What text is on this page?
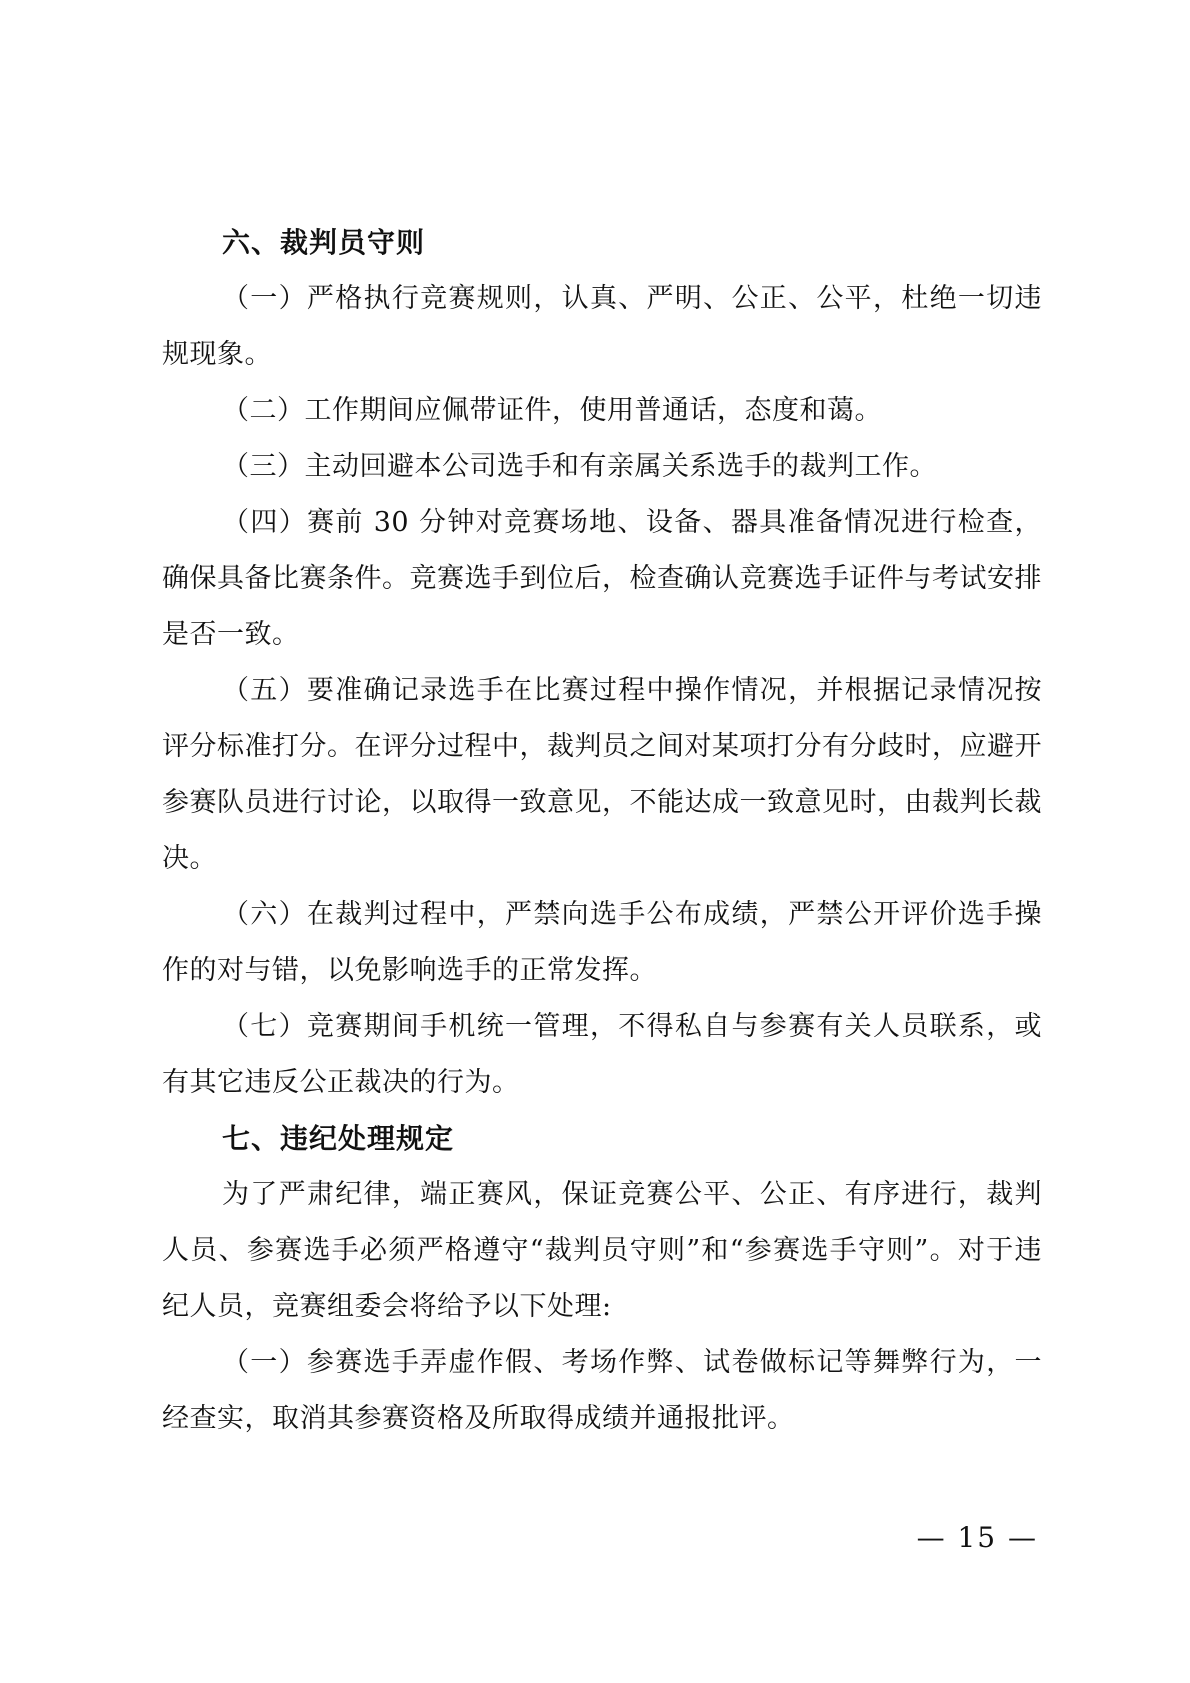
六、裁判员守则

（一）严格执行竞赛规则，认真、严明、公正、公平，杜绝一切违规现象。

（二）工作期间应佩带证件，使用普通话，态度和蔼。

（三）主动回避本公司选手和有亲属关系选手的裁判工作。

（四）赛前 30 分钟对竞赛场地、设备、器具准备情况进行检查，确保具备比赛条件。竞赛选手到位后，检查确认竞赛选手证件与考试安排是否一致。

（五）要准确记录选手在比赛过程中操作情况，并根据记录情况按评分标准打分。在评分过程中，裁判员之间对某项打分有分歧时，应避开参赛队员进行讨论，以取得一致意见，不能达成一致意见时，由裁判长裁决。

（六）在裁判过程中，严禁向选手公布成绩，严禁公开评价选手操作的对与错，以免影响选手的正常发挥。

（七）竞赛期间手机统一管理，不得私自与参赛有关人员联系，或有其它违反公正裁决的行为。

七、违纪处理规定

为了严肃纪律，端正赛风，保证竞赛公平、公正、有序进行，裁判人员、参赛选手必须严格遵守“裁判员守则”和“参赛选手守则”。对于违纪人员，竞赛组委会将给予以下处理:

（一）参赛选手弄虚作假、考场作弊、试卷做标记等舞弊行为，一经查实，取消其参赛资格及所取得成绩并通报批评。

— 15 —
